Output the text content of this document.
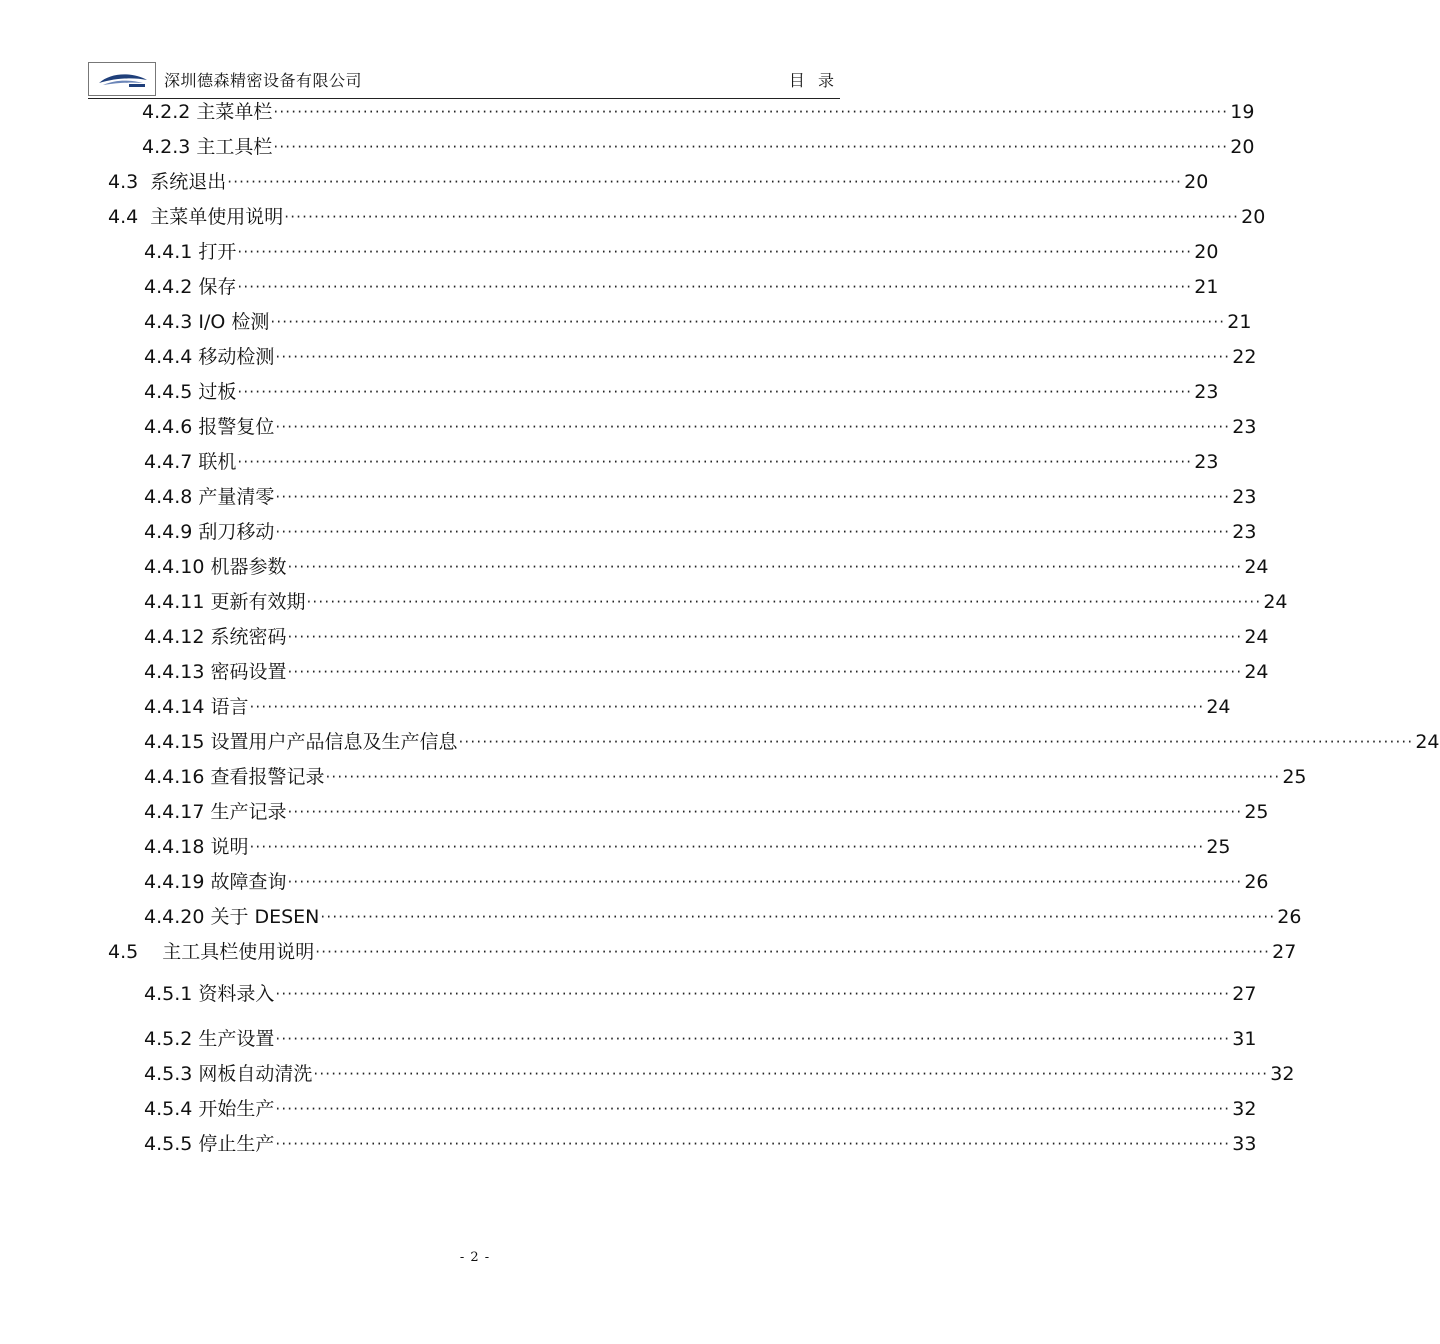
深圳德森精密设备有限公司	目 录
4.2.2 主菜单栏 ································································································································································ 19
4.2.3 主工具栏 ································································································································································ 20
4.3 系统退出 ································································································································································ 20
4.4 主菜单使用说明 ································································································································································ 20
4.4.1 打开 ································································································································································ 20
4.4.2 保存 ································································································································································ 21
4.4.3 I/O 检测 ································································································································································ 21
4.4.4 移动检测 ································································································································································ 22
4.4.5 过板 ································································································································································ 23
4.4.6 报警复位 ································································································································································ 23
4.4.7 联机 ································································································································································ 23
4.4.8 产量清零 ································································································································································ 23
4.4.9 刮刀移动 ································································································································································ 23
4.4.10 机器参数 ································································································································································ 24
4.4.11 更新有效期 ································································································································································ 24
4.4.12 系统密码 ································································································································································ 24
4.4.13 密码设置 ································································································································································ 24
4.4.14 语言 ································································································································································ 24
4.4.15 设置用户产品信息及生产信息 ································································································································································ 24
4.4.16 查看报警记录 ································································································································································ 25
4.4.17 生产记录 ································································································································································ 25
4.4.18 说明 ································································································································································ 25
4.4.19 故障查询 ································································································································································ 26
4.4.20 关于 DESEN ································································································································································ 26
4.5 主工具栏使用说明 ································································································································································ 27
4.5.1 资料录入 ································································································································································ 27
4.5.2 生产设置 ································································································································································ 31
4.5.3 网板自动清洗 ································································································································································ 32
4.5.4 开始生产 ································································································································································ 32
4.5.5 停止生产 ································································································································································ 33
- 2 -
